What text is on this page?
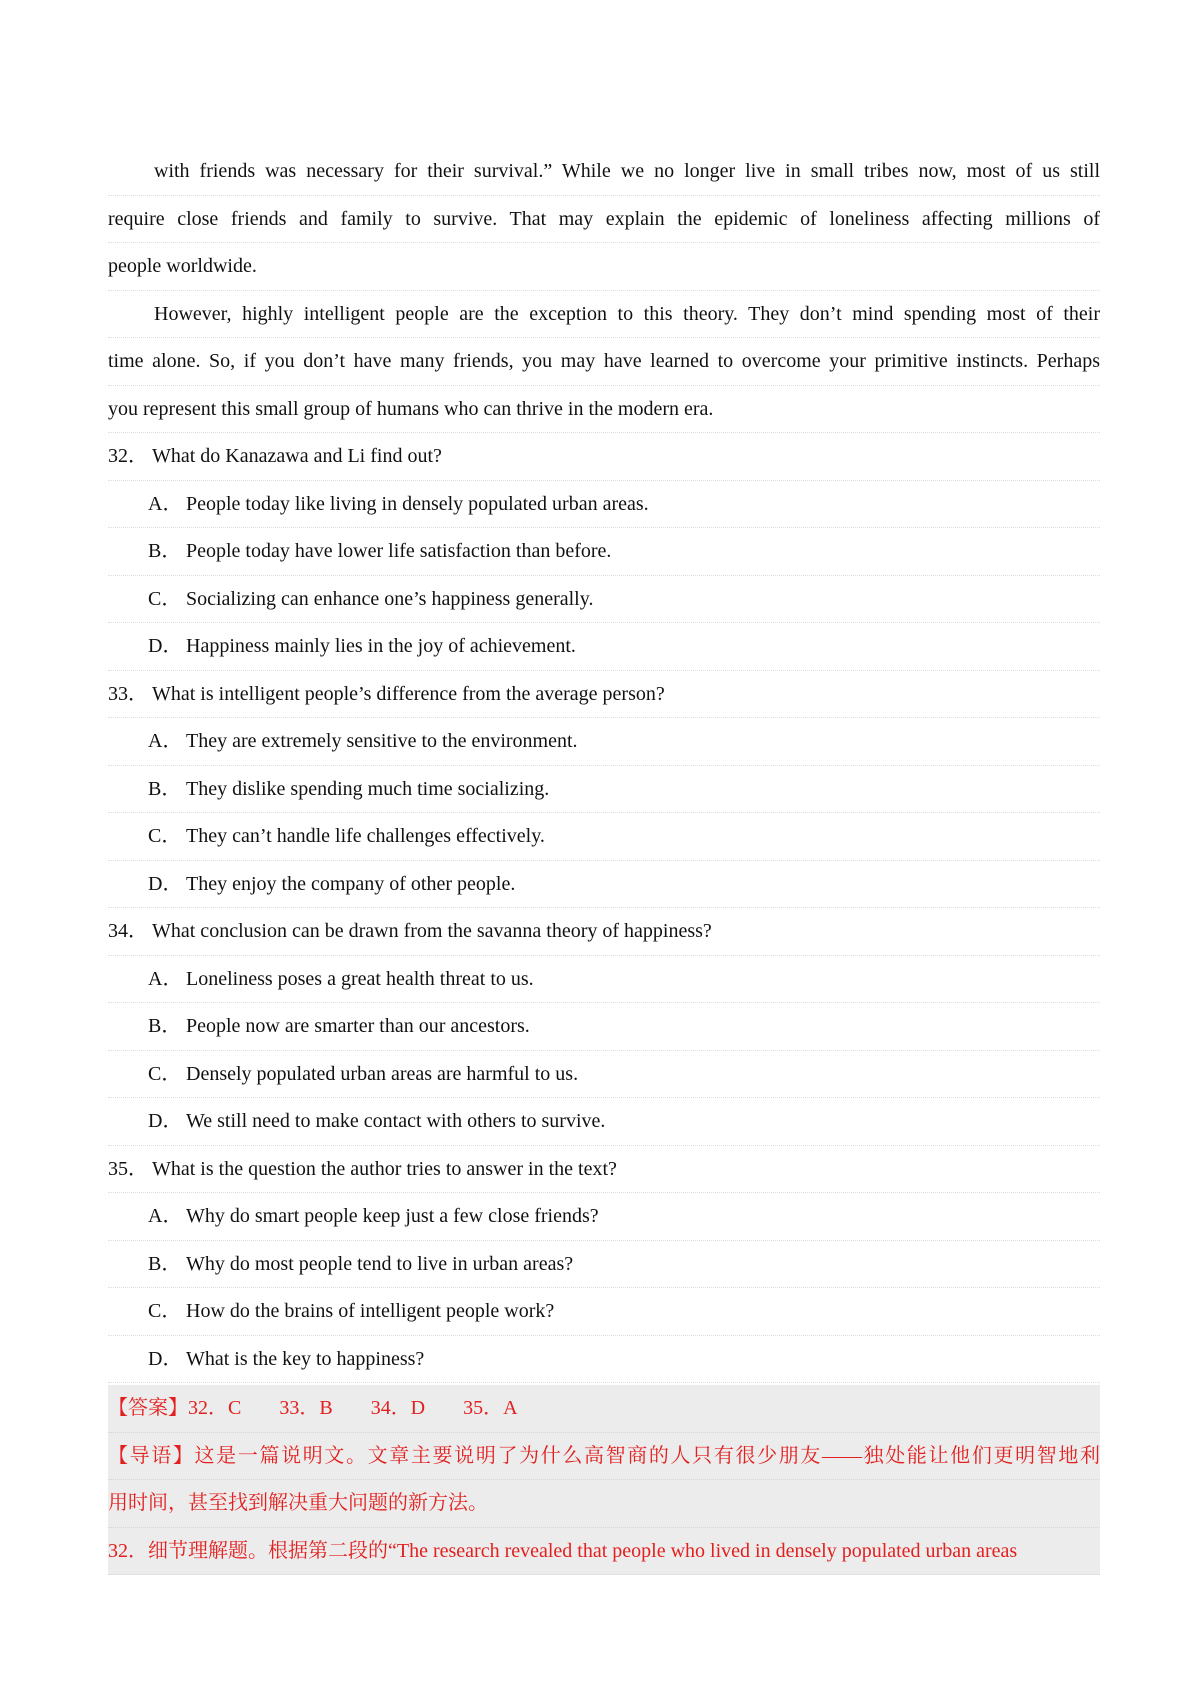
with friends was necessary for their survival.” While we no longer live in small tribes now, most of us still
require close friends and family to survive. That may explain the epidemic of loneliness affecting millions of
people worldwide.
However, highly intelligent people are the exception to this theory. They don’t mind spending most of their
time alone. So, if you don’t have many friends, you may have learned to overcome your primitive instincts. Perhaps
you represent this small group of humans who can thrive in the modern era.
32． What do Kanazawa and Li find out?
A． People today like living in densely populated urban areas.
B． People today have lower life satisfaction than before.
C． Socializing can enhance one’s happiness generally.
D． Happiness mainly lies in the joy of achievement.
33． What is intelligent people’s difference from the average person?
A． They are extremely sensitive to the environment.
B． They dislike spending much time socializing.
C． They can’t handle life challenges effectively.
D． They enjoy the company of other people.
34． What conclusion can be drawn from the savanna theory of happiness?
A． Loneliness poses a great health threat to us.
B． People now are smarter than our ancestors.
C． Densely populated urban areas are harmful to us.
D． We still need to make contact with others to survive.
35． What is the question the author tries to answer in the text?
A． Why do smart people keep just a few close friends?
B． Why do most people tend to live in urban areas?
C． How do the brains of intelligent people work?
D． What is the key to happiness?
【答案】32．C 33．B 34．D 35．A
【导语】这是一篇说明文。文章主要说明了为什么高智商的人只有很少朋友——独处能让他们更明智地利
用时间，甚至找到解决重大问题的新方法。
32．细节理解题。根据第二段的“The research revealed that people who lived in densely populated urban areas
